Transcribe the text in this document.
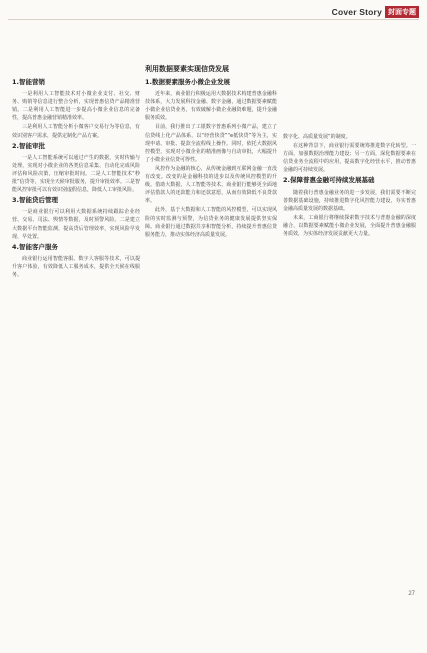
Cover Story 封面专题
1.智能营销

一是利用人工智能技术对小微企业支付、社交、财务、购销等信息进行整合分析，实现普惠信贷产品精准营销。二是利用人工智能进一步提高小微企业信息的完备性，提高普惠金融营销精准效率。

三是利用人工智能分析小微客户交易行为等信息，有效识别客户需求，提供定制化产品方案。

2.智能审批

一是人工智能系统可以通过产生的数据，实时传输与处理，实现对小微企业的各类信息采集、自动化完成风险评估和风险决策，压缩审批时间。二是人工智能技术“秒批”信贷等，实现全天候审批服务，提升审批效率。三是智能风控审批可以有效识别虚假信息，降低人工审批风险。

3.智能贷后管理

一是商业银行可以利用大数据系统持续跟踪企业经营、交易、司法、舆情等数据，及时预警风险。二是建立大数据平台智能监测，提高贷后管理效率，实现风险早发现、早处置。

4.智能客户服务

商业银行运用智能客服、数字人客服等技术，可以提升客户体验，有效降低人工服务成本，提供全天候在线服务。

利用数据要素实现信贷发展
1.数据要素服务小微企业发展

近年来，商业银行积极运用大数据技术构建普惠金融科技体系，大力发展科技金融、数字金融，通过数据要素赋能小微企业信贷业务，有效破解小微企业融资难题，提升金融服务质效。

目前，我行推出了工银数字普惠系列小微产品，建立了信贷线上化产品体系，以“经营快贷”“e抵快贷”等为主，实现申请、审批、提款全流程线上操作。同时，依托大数据风控模型，实现对小微企业的精准画像与自动审批，大幅提升了小微企业信贷可得性。

风控作为金融的核心，从传统金融到互联网金融一直没有改变。改变的是金融科技的进步以及传统风控模型的升级。借助大数据、人工智能等技术，商业银行能够更全面地评估借款人的还款能力和还款意愿，从而有效降低不良贷款率。

此外，基于大数据和人工智能的风控模型，可以实现风险的实时监测与预警，为信贷业务的健康发展提供坚实保障。商业银行通过数据共享和智能分析，持续提升普惠信贷服务能力，推动实体经济高质量发展。

数字化、高质量发展”的制度。

在这种背景下，商业银行需要统筹推进数字化转型。一方面，加强数据治理能力建设；另一方面，深化数据要素在信贷业务全流程中的应用，提高数字化经营水平，推动普惠金融的可持续发展。

2.保障普惠金融可持续发展基础

随着我行普惠金融业务的进一步发展，我们需要不断完善数据基础设施，持续推进数字化风控能力建设，夯实普惠金融高质量发展的数据基础。

未来，工商银行将继续探索数字技术与普惠金融的深度融合，以数据要素赋能小微企业发展，全面提升普惠金融服务质效，为实体经济发展贡献更大力量。

27
